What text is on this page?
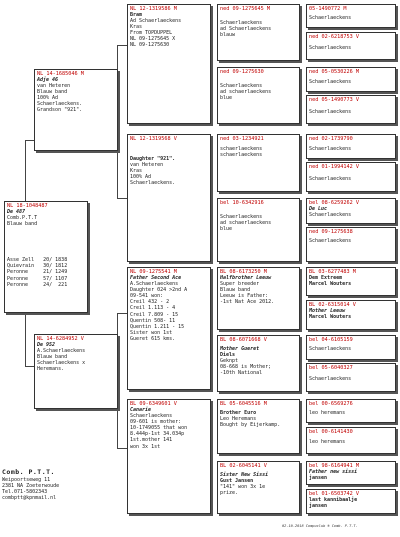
NL 18-1048487
De 487
Comb.P.T.T
Blauw band
Asse Zell   20/ 1838
Quievrain   30/ 1812
Peronne     21/ 1249
Peronne     57/ 1107
Peronne     24/  221
NL 14-1685046 M
Adje 46
van Heteren
Blauw band
100% Ad
Schaerlaeckens.
Grandson "921".
NL 14-6284952 V
De 952
A.Schaerlaeckens
Blauw band
Schaerlaeckens x
Heremans.
NL 12-1319586 M
Bram
Ad Schaerlaeckens
Kras
From TOPDUPPEL
NL 09-1275645 X
NL 09-1275630
NL 12-1319568 V
Daughter "921".
van Heteren
Kras
100% Ad
Schaerlaeckens.
NL 09-1275541 M
Father Second Ace
A.Schaerlaeckens
Daughter 024 >2nd A
09-541 won:
Creil 432 - 2
Creil 1.113 - 4
Creil 7.809 - 15
Quentin 508- 11
Quentin 1.211 - 15
Sister won 1st
Gueret 615 kms.
BL 09-6349601 V
Canarie
Schaerlaeckens
09-601 is mother:
10-1749055 that won
8.444p-1st 34.034p
1st.mother 141
won 3x 1st
ned 09-1275645 M
Schaerlaeckens
ad Schaerlaeckens
blauw
ned 09-1275630
Schaerlaeckens
ad schaerlaeckens
blue
ned 03-1234921
schaerlaeckens
schaerlaeckens
bel 10-6342916
Schaerlaeckens
ad schaerlaeckens
blue
BL 08-6173250 M
Halfbrother Leeuw
Super breeder
Blauw band
Leeuw is Father:
-1st Nat Ace 2012.
BL 08-6071668 V
Mother Gueret
Diels
Geknpt
08-668 is Mother;
-10th National
BL 05-6045516 M
Brother Euro
Leo Heremans
Bought by Eijerkamp.
BL 02-6045141 V
Sister New Sissi
Gust Jansen
"141" won 3x 1e
prize.
05-1490772 M
Schaerlaeckens
ned 02-6218753 V
Schaerlaeckens
ned 05-0530226 M
Schaerlaeckens
ned 05-1490773 V
Schaerlaeckens
ned 02-1739790
Schaerlaeckens
ned 01-1994142 V
Schaerlaeckens
bel 08-6259262 V
De Luc
Schaerlaeckens
ned 09-1275638
Schaerlaeckens
BL 03-6277483 M
Dem Extreem
Marcel Wouters
BL 02-6315014 V
Mother Leeuw
Marcel Wouters
bel 04-6105159
Schaerlaeckens
bel 05-6040327
Schaerlaeckens
bel 00-6569276
leo heremans
bel 00-6141430
leo heremans
bel 98-6164941 M
Father new sissi
jansen
bel 01-6503742 V
last kannibaalje
jansen
Comb. P.T.T.
Weipoortseweg 11
2381 NA Zoeterwoude
Tel.071-5802343
combptt@kpnmail.nl
02-10-2018 Compuclub ® Comb. P.T.T.
